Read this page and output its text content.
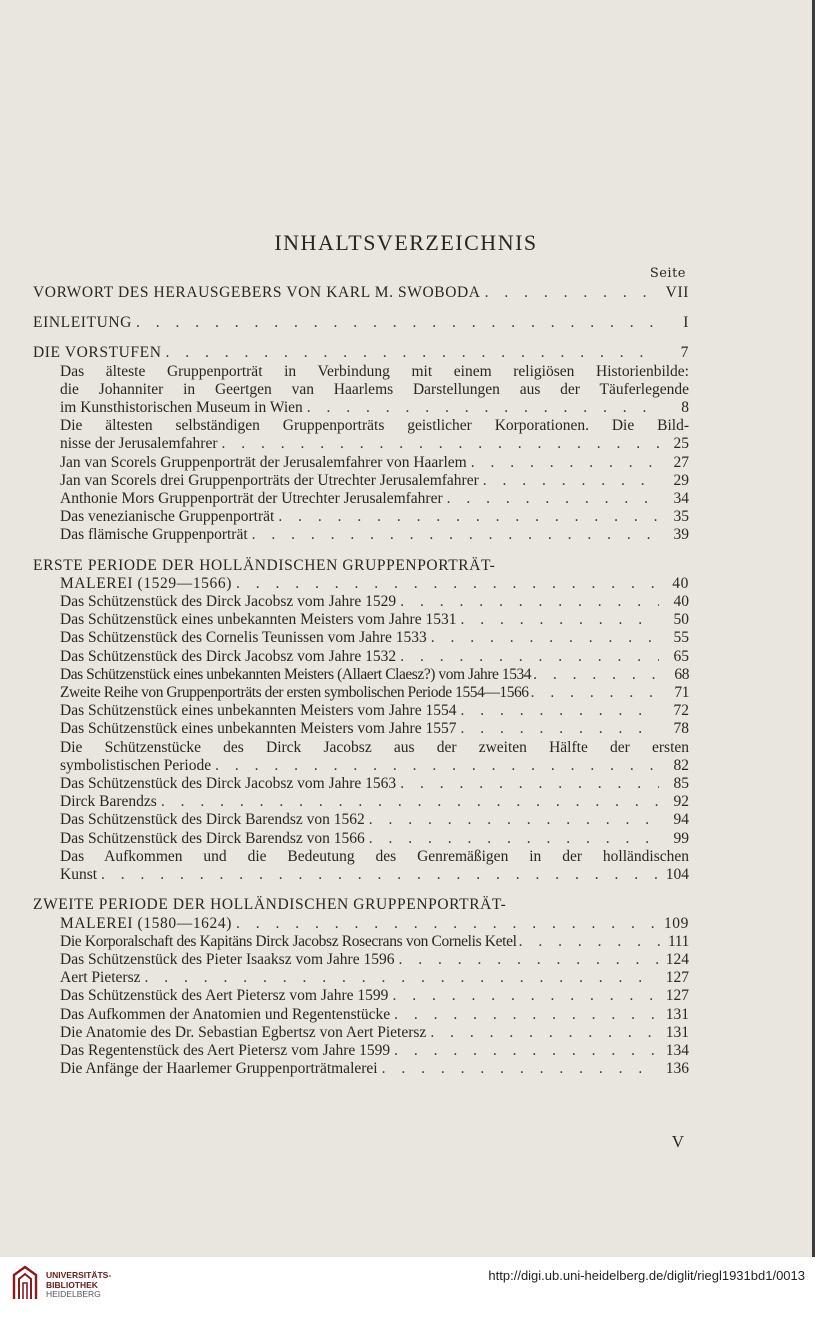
INHALTSVERZEICHNIS
Seite
VORWORT DES HERAUSGEBERS VON KARL M. SWOBODA . . .	VII
EINLEITUNG . . .	I
DIE VORSTUFEN . . .	7
Das älteste Gruppenporträt in Verbindung mit einem religiösen Historienbilde:
die Johanniter in Geertgen van Haarlems Darstellungen aus der Täuferlegende
im Kunsthistorischen Museum in Wien . . .	8
Die ältesten selbständigen Gruppenporträts geistlicher Korporationen. Die Bild-
nisse der Jerusalemfahrer . . .	25
Jan van Scorels Gruppenporträt der Jerusalemfahrer von Haarlem . . .	27
Jan van Scorels drei Gruppenporträts der Utrechter Jerusalemfahrer . . .	29
Anthonie Mors Gruppenporträt der Utrechter Jerusalemfahrer . . .	34
Das venezianische Gruppenporträt . . .	35
Das flämische Gruppenporträt . . .	39
ERSTE PERIODE DER HOLLÄNDISCHEN GRUPPENPORTRÄT-
MALEREI (1529—1566) . . .	40
Das Schützenstück des Dirck Jacobsz vom Jahre 1529 . . .	40
Das Schützenstück eines unbekannten Meisters vom Jahre 1531 . . .	50
Das Schützenstück des Cornelis Teunissen vom Jahre 1533 . . .	55
Das Schützenstück des Dirck Jacobsz vom Jahre 1532 . . .	65
Das Schützenstück eines unbekannten Meisters (Allaert Claesz?) vom Jahre 1534 . . .	68
Zweite Reihe von Gruppenporträts der ersten symbolischen Periode 1554—1566 . . .	71
Das Schützenstück eines unbekannten Meisters vom Jahre 1554 . . .	72
Das Schützenstück eines unbekannten Meisters vom Jahre 1557 . . .	78
Die Schützenstücke des Dirck Jacobsz aus der zweiten Hälfte der ersten
symbolistischen Periode . . .	82
Das Schützenstück des Dirck Jacobsz vom Jahre 1563 . . .	85
Dirck Barendzs . . .	92
Das Schützenstück des Dirck Barendsz von 1562 . . .	94
Das Schützenstück des Dirck Barendsz von 1566 . . .	99
Das Aufkommen und die Bedeutung des Genremäßigen in der holländischen
Kunst . . .	104
ZWEITE PERIODE DER HOLLÄNDISCHEN GRUPPENPORTRÄT-
MALEREI (1580—1624) . . .	109
Die Korporalschaft des Kapitäns Dirck Jacobsz Rosecrans von Cornelis Ketel . . .	111
Das Schützenstück des Pieter Isaaksz vom Jahre 1596 . . .	124
Aert Pietersz . . .	127
Das Schützenstück des Aert Pietersz vom Jahre 1599 . . .	127
Das Aufkommen der Anatomien und Regentenstücke . . .	131
Die Anatomie des Dr. Sebastian Egbertsz von Aert Pietersz . . .	131
Das Regentenstück des Aert Pietersz vom Jahre 1599 . . .	134
Die Anfänge der Haarlemer Gruppenporträtmalerei . . .	136
V
UNIVERSITÄTS-
BIBLIOTHEK
HEIDELBERG
http://digi.ub.uni-heidelberg.de/diglit/riegl1931bd1/0013
